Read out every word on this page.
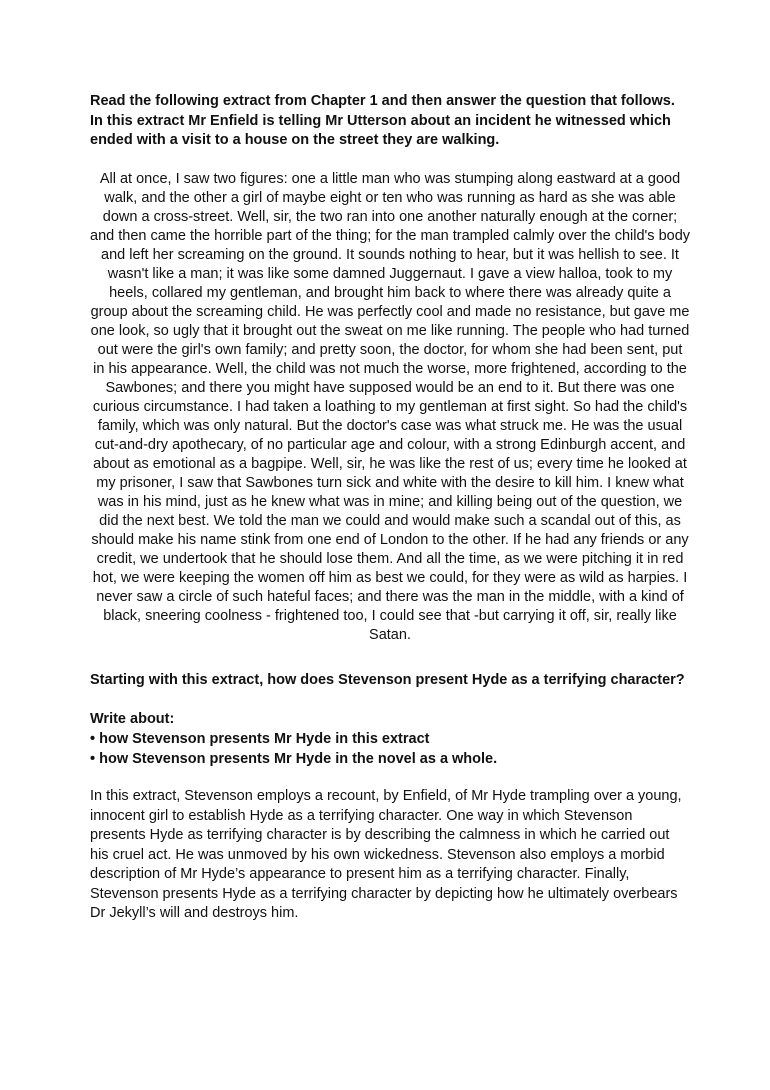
Read the following extract from Chapter 1 and then answer the question that follows.

In this extract Mr Enfield is telling Mr Utterson about an incident he witnessed which ended with a visit to a house on the street they are walking.

All at once, I saw two figures: one a little man who was stumping along eastward at a good walk, and the other a girl of maybe eight or ten who was running as hard as she was able down a cross-street. Well, sir, the two ran into one another naturally enough at the corner; and then came the horrible part of the thing; for the man trampled calmly over the child's body and left her screaming on the ground. It sounds nothing to hear, but it was hellish to see. It wasn't like a man; it was like some damned Juggernaut. I gave a view halloa, took to my heels, collared my gentleman, and brought him back to where there was already quite a group about the screaming child. He was perfectly cool and made no resistance, but gave me one look, so ugly that it brought out the sweat on me like running. The people who had turned out were the girl's own family; and pretty soon, the doctor, for whom she had been sent, put in his appearance. Well, the child was not much the worse, more frightened, according to the Sawbones; and there you might have supposed would be an end to it. But there was one curious circumstance. I had taken a loathing to my gentleman at first sight. So had the child's family, which was only natural. But the doctor's case was what struck me. He was the usual cut-and-dry apothecary, of no particular age and colour, with a strong Edinburgh accent, and about as emotional as a bagpipe. Well, sir, he was like the rest of us; every time he looked at my prisoner, I saw that Sawbones turn sick and white with the desire to kill him. I knew what was in his mind, just as he knew what was in mine; and killing being out of the question, we did the next best. We told the man we could and would make such a scandal out of this, as should make his name stink from one end of London to the other. If he had any friends or any credit, we undertook that he should lose them. And all the time, as we were pitching it in red hot, we were keeping the women off him as best we could, for they were as wild as harpies. I never saw a circle of such hateful faces; and there was the man in the middle, with a kind of black, sneering coolness - frightened too, I could see that -but carrying it off, sir, really like Satan.

Starting with this extract, how does Stevenson present Hyde as a terrifying character?

Write about:
• how Stevenson presents Mr Hyde in this extract
• how Stevenson presents Mr Hyde in the novel as a whole.

In this extract, Stevenson employs a recount, by Enfield, of Mr Hyde trampling over a young, innocent girl to establish Hyde as a terrifying character. One way in which Stevenson presents Hyde as terrifying character is by describing the calmness in which he carried out his cruel act. He was unmoved by his own wickedness. Stevenson also employs a morbid description of Mr Hyde’s appearance to present him as a terrifying character. Finally, Stevenson presents Hyde as a terrifying character by depicting how he ultimately overbears Dr Jekyll’s will and destroys him.
